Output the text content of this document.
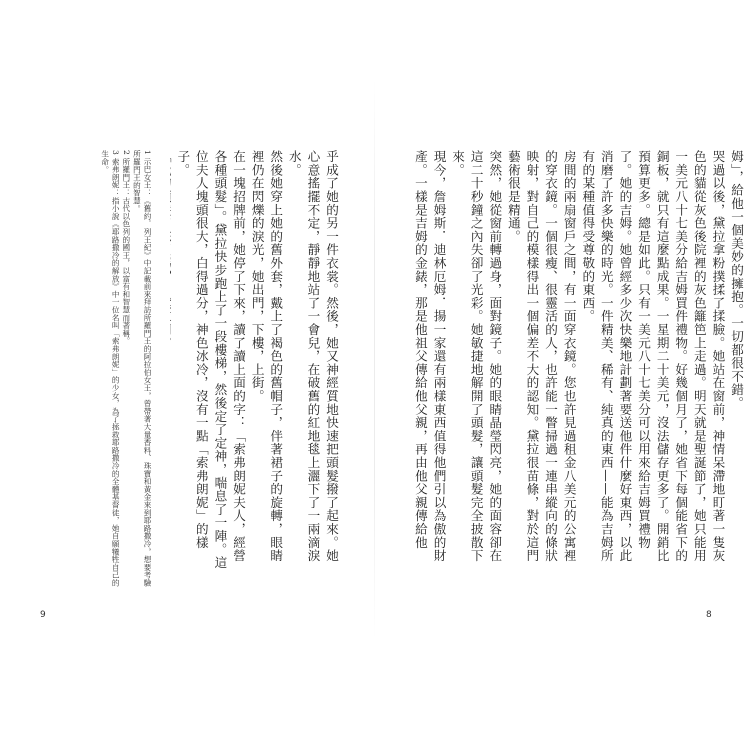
1 示巴女王：《舊約．列王紀》中記載前來拜訪所羅門王的阿拉伯女王，曾帶著大量香料、珠寶和黃金來到耶路撒冷，想要考驗所羅門王的智慧。
2 所羅門王：古代以色列的國王，以富有和智慧而著稱。
3 索弗朗妮：指小說《耶路撒冷的解放》中一位名叫「索弗朗妮」的少女，為了拯救耶路撒冷的全體基督徒，她自願犧牲自己的生命。	乎成了她的另一件衣裳。然後，她又神經質地快速把頭髮撥了起來。她心意搖擺不定，靜靜地站了一會兒，在破舊的紅地毯上灑下了一兩滴淚水。
然後她穿上她的舊外套，戴上了褐色的舊帽子，伴著裙子的旋轉，眼睛裡仍在閃爍的淚光，她出門，下樓，上街。
在一塊招牌前，她停了下來，讀了讀上面的字：「索弗朗妮夫人，經營各種頭髮」。黛拉快步跑上了一段樓梯，然後定了定神，喘息了一陣。這位夫人塊頭很大，白得過分，神色冰冷，沒有一點「索弗朗妮」的樣子。

9
姆」，給他一個美妙的擁抱。一切都很不錯。
哭過以後，黛拉拿粉撲揉了揉臉。她站在窗前，神情呆滯地盯著一隻灰色的貓從灰色後院裡的灰色籬笆上走過。明天就是聖誕節了，她只能用一美元八十七美分給吉姆買件禮物。好幾個月了，她省下每個能省下的銅板，就只有這麼點成果。一星期二十美元，沒法儲存更多了。開銷比預算更多。總是如此。只有一美元八十七美分可以用來給吉姆買禮物了。她的吉姆。她曾經多少次快樂地計劃著要送他件什麼好東西，以此消磨了許多快樂的時光。一件精美、稀有、純真的東西——能為吉姆所有的某種值得受尊敬的東西。
房間的兩扇窗戶之間，有一面穿衣鏡。您也許見過租金八美元的公寓裡的穿衣鏡。一個很瘦、很靈活的人，也許能一瞥掃過一連串縱向的條狀映射，對自己的模樣得出一個偏差不大的認知。黛拉很苗條，對於這門藝術很是精通。
突然，她從窗前轉過身，面對鏡子。她的眼睛晶瑩閃亮，她的面容卻在這二十秒鐘之內失卻了光彩。她敏捷地解開了頭髮，讓頭髮完全披散下來。
現今，詹姆斯．迪林厄姆．揚一家還有兩樣東西值得他們引以為傲的財產。一樣是吉姆的金錶，那是他祖父傳給他父親，再由他父親傳給他

8
